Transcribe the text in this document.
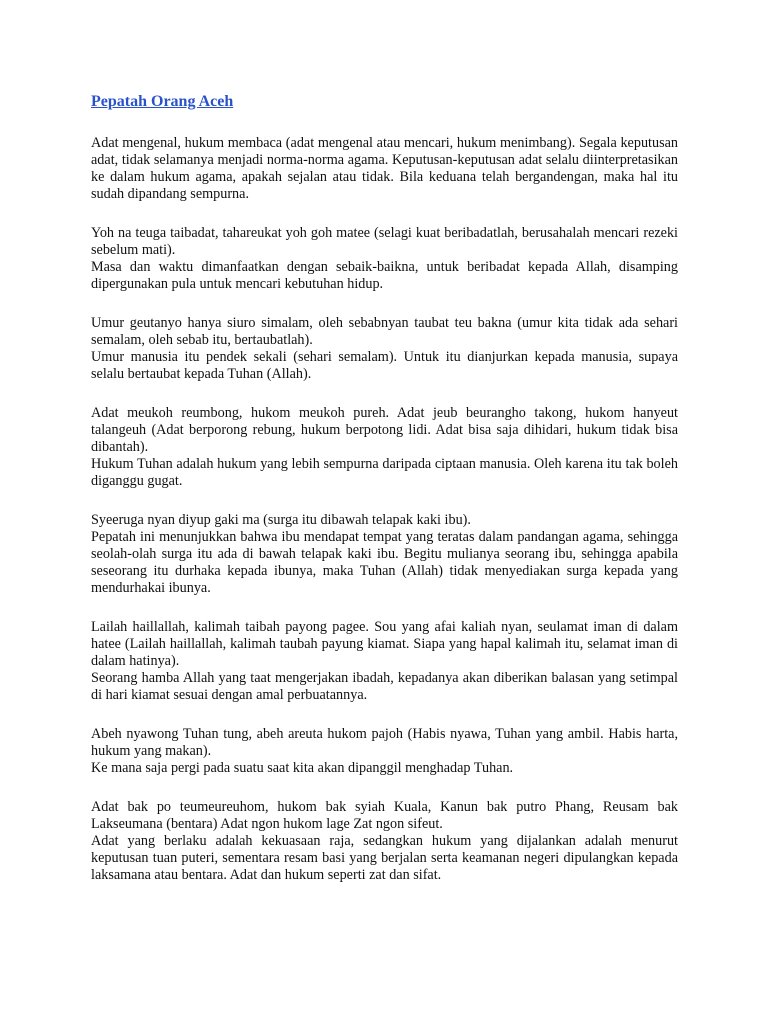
Pepatah Orang Aceh

Adat mengenal, hukum membaca (adat mengenal atau mencari, hukum menimbang). Segala keputusan adat, tidak selamanya menjadi norma-norma agama. Keputusan-keputusan adat selalu diinterpretasikan ke dalam hukum agama, apakah sejalan atau tidak. Bila keduana telah bergandengan, maka hal itu sudah dipandang sempurna.

Yoh na teuga taibadat, tahareukat yoh goh matee (selagi kuat beribadatlah, berusahalah mencari rezeki sebelum mati).

Masa dan waktu dimanfaatkan dengan sebaik-baikna, untuk beribadat kepada Allah, disamping dipergunakan pula untuk mencari kebutuhan hidup.

Umur geutanyo hanya siuro simalam, oleh sebabnyan taubat teu bakna (umur kita tidak ada sehari semalam, oleh sebab itu, bertaubatlah).

Umur manusia itu pendek sekali (sehari semalam). Untuk itu dianjurkan kepada manusia, supaya selalu bertaubat kepada Tuhan (Allah).

Adat meukoh reumbong, hukom meukoh pureh. Adat jeub beurangho takong, hukom hanyeut talangeuh (Adat berporong rebung, hukum berpotong lidi. Adat bisa saja dihidari, hukum tidak bisa dibantah).

Hukum Tuhan adalah hukum yang lebih sempurna daripada ciptaan manusia. Oleh karena itu tak boleh diganggu gugat.

Syeeruga nyan diyup gaki ma (surga itu dibawah telapak kaki ibu).

Pepatah ini menunjukkan bahwa ibu mendapat tempat yang teratas dalam pandangan agama, sehingga seolah-olah surga itu ada di bawah telapak kaki ibu. Begitu mulianya seorang ibu, sehingga apabila seseorang itu durhaka kepada ibunya, maka Tuhan (Allah) tidak menyediakan surga kepada yang mendurhakai ibunya.

Lailah haillallah, kalimah taibah payong pagee. Sou yang afai kaliah nyan, seulamat iman di dalam hatee (Lailah haillallah, kalimah taubah payung kiamat. Siapa yang hapal kalimah itu, selamat iman di dalam hatinya).

Seorang hamba Allah yang taat mengerjakan ibadah, kepadanya akan diberikan balasan yang setimpal di hari kiamat sesuai dengan amal perbuatannya.

Abeh nyawong Tuhan tung, abeh areuta hukom pajoh (Habis nyawa, Tuhan yang ambil. Habis harta, hukum yang makan).

Ke mana saja pergi pada suatu saat kita akan dipanggil menghadap Tuhan.

Adat bak po teumeureuhom, hukom bak syiah Kuala, Kanun bak putro Phang, Reusam bak Lakseumana (bentara) Adat ngon hukom lage Zat ngon sifeut.

Adat yang berlaku adalah kekuasaan raja, sedangkan hukum yang dijalankan adalah menurut keputusan tuan puteri, sementara resam basi yang berjalan serta keamanan negeri dipulangkan kepada laksamana atau bentara. Adat dan hukum seperti zat dan sifat.
